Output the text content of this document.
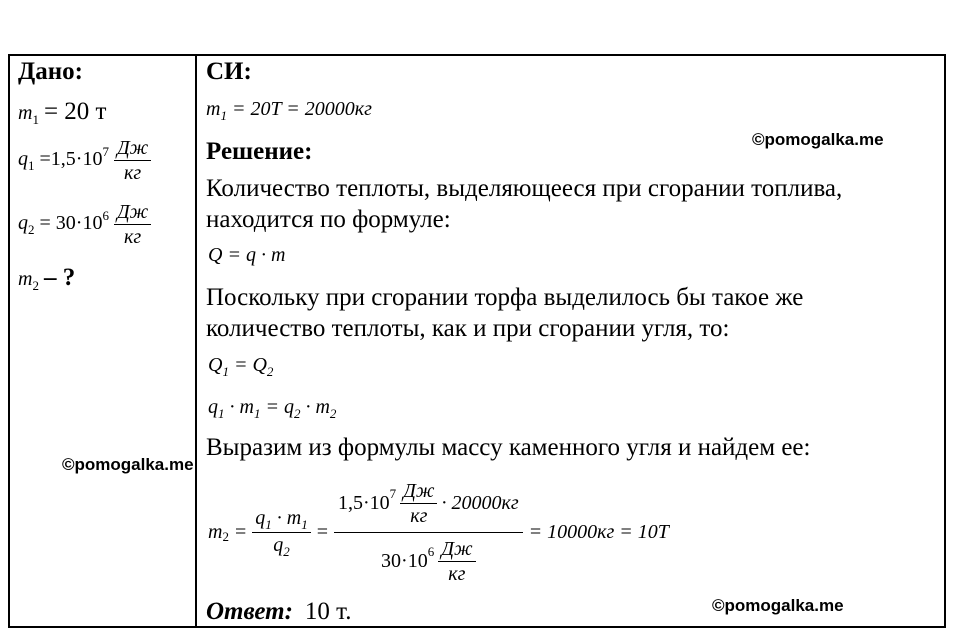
Дано:
$m_1 = 20$ т
$q_1 =1,5\cdot 10^7 \frac{Дж}{кг}$
$q_2 = 30\cdot 10^6 \frac{Дж}{кг}$
$m_2$ – ?
СИ:
$m_1 = 20T = 20000кг$
©pomogalka.me
Решение:
Количество теплоты, выделяющееся при сгорании топлива,
находится по формуле:
Q = q · m
Поскольку при сгорании торфа выделилось бы такое же
количество теплоты, как и при сгорании угля, то:
$Q_1 = Q_2$
$q_1 \cdot m_1 = q_2 \cdot m_2$
Выразим из формулы массу каменного угля и найдем ее:
©pomogalka.me
m $2 = \frac{q_1 \cdot m_1}{q_2} = \frac{1,5\cdot 10 7 \frac{Дж}{кг} \cdot 20000кг}{30\cdot 10 6 \frac{Дж}{кг}} = 10000кг = 10T$
Ответ: 10 т.	©pomogalka.me
